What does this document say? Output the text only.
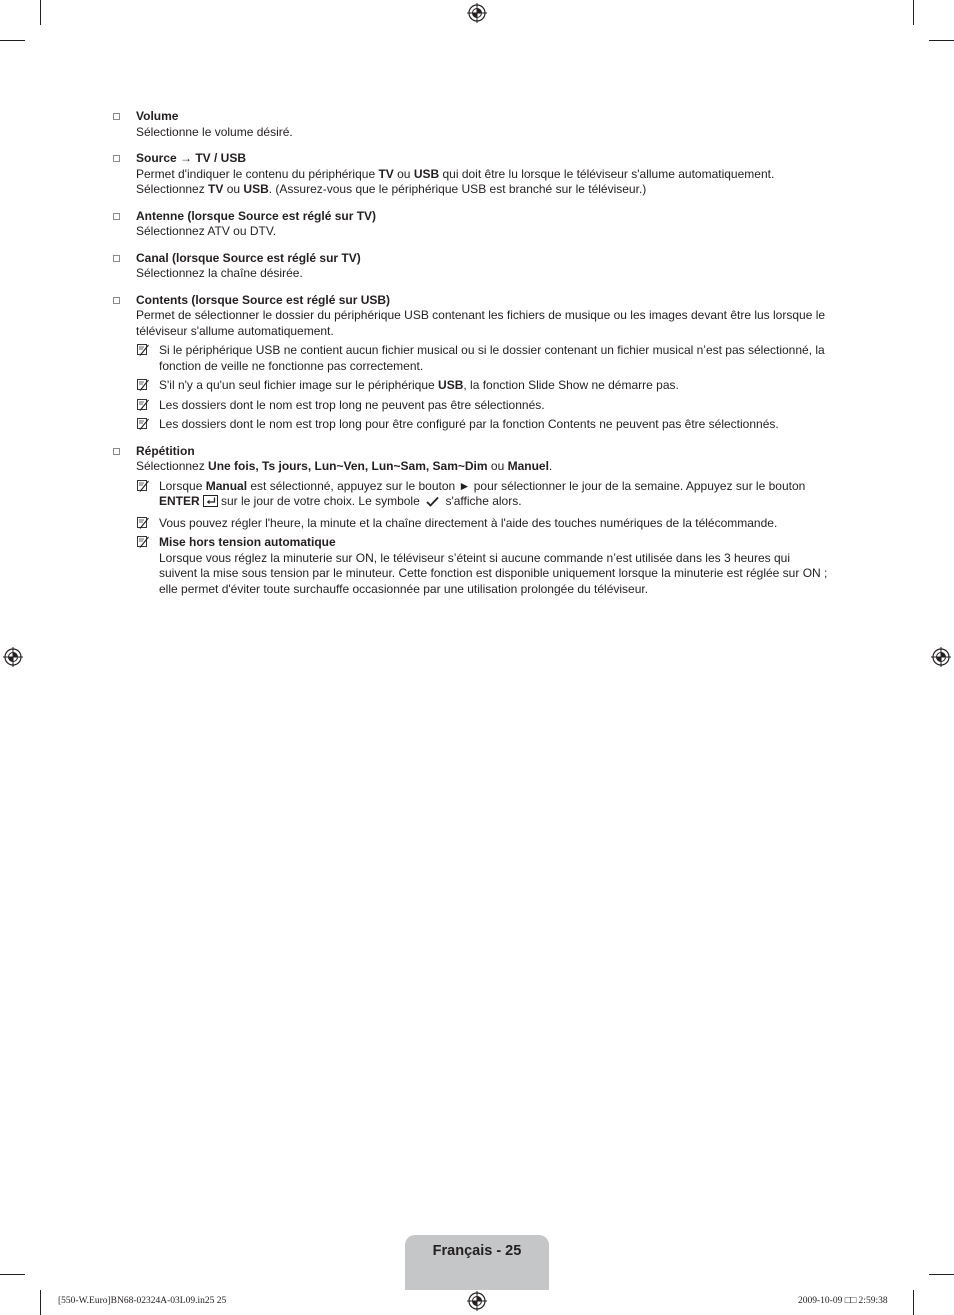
Volume
Sélectionne le volume désiré.
Source → TV / USB
Permet d'indiquer le contenu du périphérique TV ou USB qui doit être lu lorsque le téléviseur s'allume automatiquement.
Sélectionnez TV ou USB. (Assurez-vous que le périphérique USB est branché sur le téléviseur.)
Antenne (lorsque Source est réglé sur TV)
Sélectionnez ATV ou DTV.
Canal (lorsque Source est réglé sur TV)
Sélectionnez la chaîne désirée.
Contents (lorsque Source est réglé sur USB)
Permet de sélectionner le dossier du périphérique USB contenant les fichiers de musique ou les images devant être lus lorsque le
téléviseur s'allume automatiquement.
Si le périphérique USB ne contient aucun fichier musical ou si le dossier contenant un fichier musical n’est pas sélectionné, la
fonction de veille ne fonctionne pas correctement.
S'il n'y a qu'un seul fichier image sur le périphérique USB, la fonction Slide Show ne démarre pas.
Les dossiers dont le nom est trop long ne peuvent pas être sélectionnés.
Les dossiers dont le nom est trop long pour être configuré par la fonction Contents ne peuvent pas être sélectionnés.
Répétition
Sélectionnez Une fois, Ts jours, Lun~Ven, Lun~Sam, Sam~Dim ou Manuel.
Lorsque Manual est sélectionné, appuyez sur le bouton ► pour sélectionner le jour de la semaine. Appuyez sur le bouton
ENTER sur le jour de votre choix. Le symbole  s'affiche alors.
Vous pouvez régler l'heure, la minute et la chaîne directement à l'aide des touches numériques de la télécommande.
Mise hors tension automatique
Lorsque vous réglez la minuterie sur ON, le téléviseur s’éteint si aucune commande n’est utilisée dans les 3 heures qui
suivent la mise sous tension par le minuteur. Cette fonction est disponible uniquement lorsque la minuterie est réglée sur ON ;
elle permet d'éviter toute surchauffe occasionnée par une utilisation prolongée du téléviseur.
Français - 25
[550-W.Euro]BN68-02324A-03L09.in25 25	2009-10-09 □□ 2:59:38
